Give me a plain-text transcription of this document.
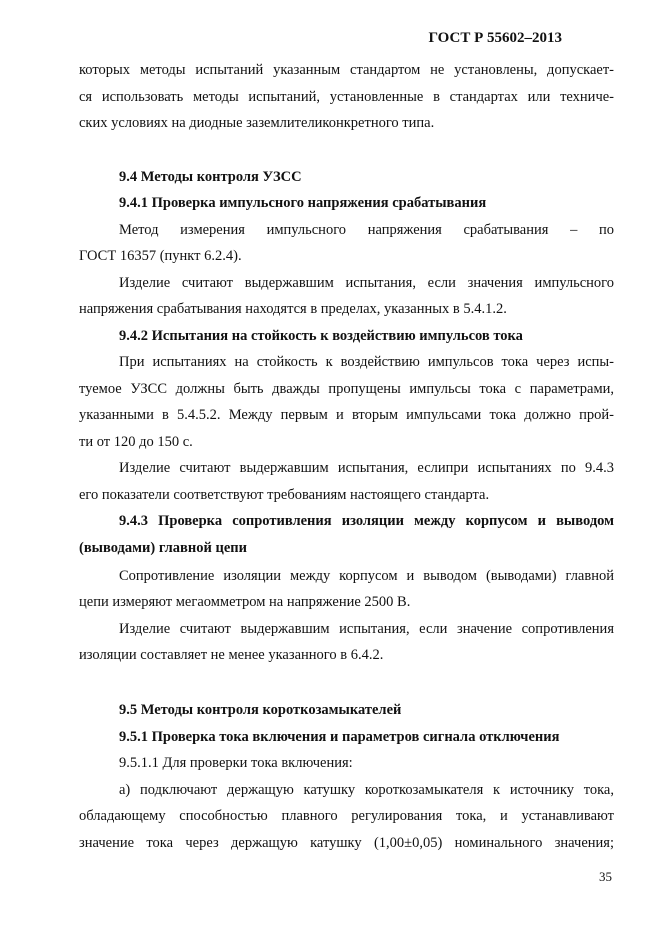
ГОСТ Р 55602–2013
которых методы испытаний указанным стандартом не установлены, допускает-
ся использовать методы испытаний, установленные в стандартах или техниче-
ских условиях на диодные заземлителиконкретного типа.
9.4 Методы контроля УЗСС
9.4.1 Проверка импульсного напряжения срабатывания
Метод измерения импульсного напряжения срабатывания – по
ГОСТ 16357 (пункт 6.2.4).
Изделие считают выдержавшим испытания, если значения импульсного
напряжения срабатывания находятся в пределах, указанных в 5.4.1.2.
9.4.2 Испытания на стойкость к воздействию импульсов тока
При испытаниях на стойкость к воздействию импульсов тока через испы-
туемое УЗСС должны быть дважды пропущены импульсы тока с параметрами,
указанными в 5.4.5.2. Между первым и вторым импульсами тока должно прой-
ти от 120 до 150 с.
Изделие считают выдержавшим испытания, еслипри испытаниях по 9.4.3
его показатели соответствуют требованиям настоящего стандарта.
9.4.3 Проверка сопротивления изоляции между корпусом и выводом
(выводами) главной цепи
Сопротивление изоляции между корпусом и выводом (выводами) главной
цепи измеряют мегаомметром на напряжение 2500 В.
Изделие считают выдержавшим испытания, если значение сопротивления
изоляции составляет не менее указанного в 6.4.2.
9.5 Методы контроля короткозамыкателей
9.5.1 Проверка тока включения и параметров сигнала отключения
9.5.1.1 Для проверки тока включения:
а) подключают держащую катушку короткозамыкателя к источнику тока,
обладающему способностью плавного регулирования тока, и устанавливают
значение тока через держащую катушку (1,00±0,05) номинального значения;
35
